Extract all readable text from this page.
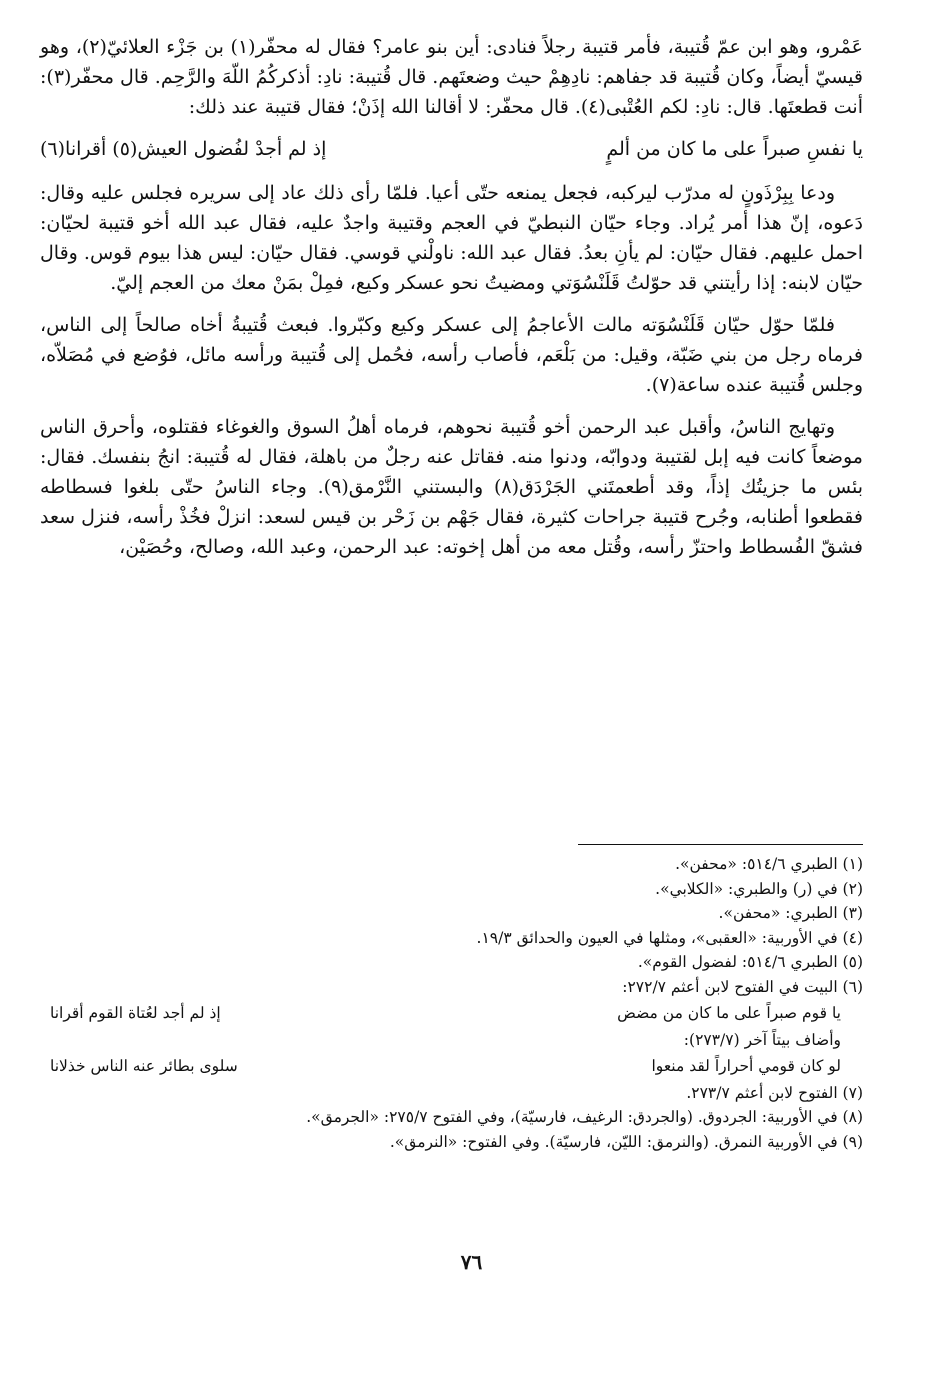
عَمْرو، وهو ابن عمّ قُتيبة، فأمر قتيبة رجلاً فنادى: أين بنو عامر؟ فقال له محفّر(١) بن جَزْء العلائيّ(٢)، وهو قيسيّ أيضاً، وكان قُتيبة قد جفاهم: نادِهِمْ حيث وضعتَهم. قال قُتيبة: نادِ: أذكركُمُ اللّهَ والرَّحِم. قال محفّر(٣): أنت قطعتَها. قال: نادِ: لكم العُتْبى(٤). قال محفّر: لا أقالنا الله إذَنْ؛ فقال قتيبة عند ذلك:

يا نفسِ صبراً على ما كان من ألمٍ
إذ لم أجدْ لفُضول العيش(٥) أقرانا(٦)

ودعا بِبِرْذَونٍ له مدرّب ليركبه، فجعل يمنعه حتّى أعيا. فلمّا رأى ذلك عاد إلى سريره فجلس عليه وقال: دَعوه، إنّ هذا أمر يُراد. وجاء حيّان النبطيّ في العجم وقتيبة واجدٌ عليه، فقال عبد الله أخو قتيبة لحيّان: احمل عليهم. فقال حيّان: لم يأنِ بعدُ. فقال عبد الله: ناولْني قوسي. فقال حيّان: ليس هذا بيوم قوس. وقال حيّان لابنه: إذا رأيتني قد حوّلتُ قَلَنْسُوَتي ومضيتُ نحو عسكر وكيع، فمِلْ بمَنْ معك من العجم إليّ.

فلمّا حوّل حيّان قَلَنْسُوَته مالت الأعاجمُ إلى عسكر وكيع وكبّروا. فبعث قُتيبةُ أخاه صالحاً إلى الناس، فرماه رجل من بني ضَبّة، وقيل: من بَلْعَم، فأصاب رأسه، فحُمل إلى قُتيبة ورأسه مائل، فوُضع في مُصَلاّه، وجلس قُتيبة عنده ساعة(٧).

وتهايج الناسُ، وأقبل عبد الرحمن أخو قُتيبة نحوهم، فرماه أهلُ السوق والغوغاء فقتلوه، وأحرق الناس موضعاً كانت فيه إبل لقتيبة ودوابّه، ودنوا منه. فقاتل عنه رجلٌ من باهلة، فقال له قُتيبة: انجُ بنفسك. فقال: بئس ما جزيتُك إذاً، وقد أطعمتَني الجَرْدَق(٨) والبستني النَّرْمق(٩). وجاء الناسُ حتّى بلغوا فسطاطه فقطعوا أطنابه، وجُرح قتيبة جراحات كثيرة، فقال جَهْم بن زَحْر بن قيس لسعد: انزلْ فخُذْ رأسه، فنزل سعد فشقّ الفُسطاط واحتزّ رأسه، وقُتل معه من أهل إخوته: عبد الرحمن، وعبد الله، وصالح، وحُصَيْن،

(١) الطبري ٥١٤/٦: «محفن».
(٢) في (ر) والطبري: «الكلابي».
(٣) الطبري: «محفن».
(٤) في الأوربية: «العقبى»، ومثلها في العيون والحدائق ١٩/٣.
(٥) الطبري ٥١٤/٦: لفضول القوم».
(٦) البيت في الفتوح لابن أعثم ٢٧٢/٧:
يا قوم صبراً على ما كان من مضض
إذ لم أجد لعُتاة القوم أقرانا
وأضاف بيتاً آخر (٢٧٣/٧):
لو كان قومي أحراراً لقد منعوا
سلوى بطائر عنه الناس خذلانا
(٧) الفتوح لابن أعثم ٢٧٣/٧.
(٨) في الأوربية: الجردوق. (والجردق: الرغيف، فارسيّة)، وفي الفتوح ٢٧٥/٧: «الجرمق».
(٩) في الأوربية النمرق. (والنرمق: الليّن، فارسيّة). وفي الفتوح: «النرمق».
٧٦
